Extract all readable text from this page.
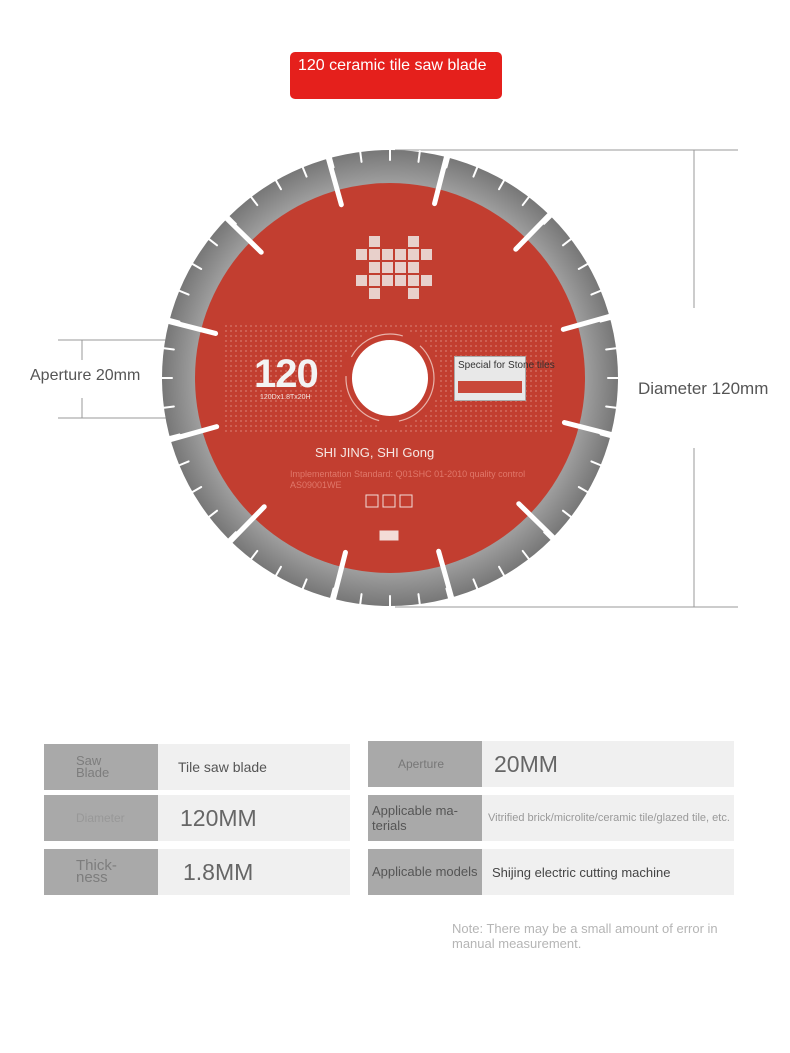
120 ceramic tile saw blade
120
120Dx1.8Tx20H
SHI JING, SHI Gong
Implementation Standard: Q01SHC 01-2010 quality control AS09001WE
Special for Stone tiles
Aperture 20mm
Diameter 120mm
Saw Blade	Tile saw blade
Diameter	120MM
Thick-ness	1.8MM
Aperture	20MM
Applicable ma-terials	Vitrified brick/microlite/ceramic tile/glazed tile, etc.
Applicable models	Shijing electric cutting machine
Note: There may be a small amount of error in manual measurement.
